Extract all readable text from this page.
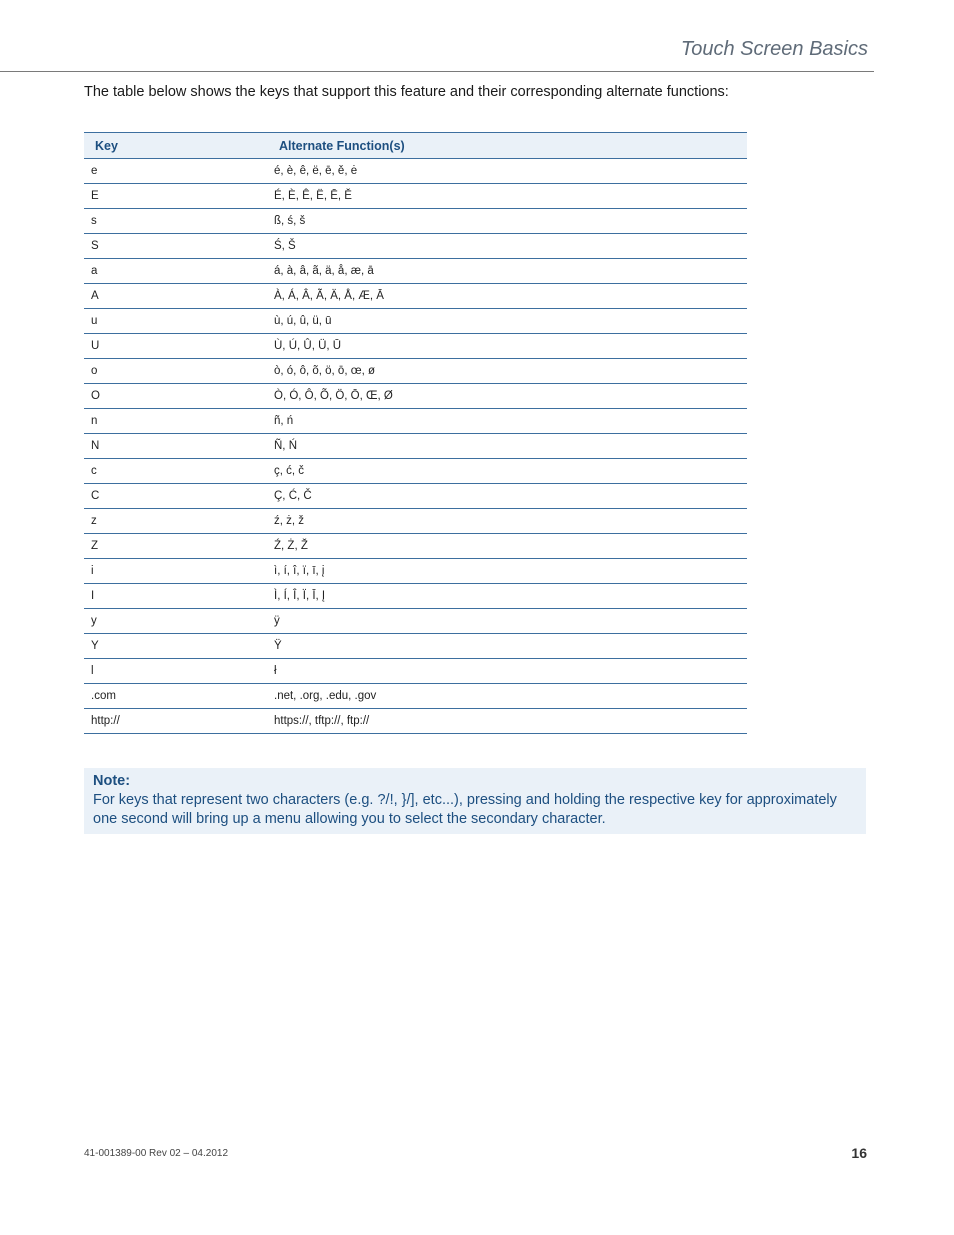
Touch Screen Basics
The table below shows the keys that support this feature and their corresponding alternate functions:
Key	Alternate Function(s)
e	é, è, ê, ë, ē, ě, ė
E	É, È, Ê, Ë, Ē, Ě
s	ß, ś, š
S	Ś, Š
a	á, à, â, ã, ä, å, æ, ā
A	À, Á, Â, Ã, Ä, Å, Æ, Ā
u	ù, ú, û, ü, ū
U	Ù, Ú, Û, Ü, Ū
o	ò, ó, ô, õ, ö, ō, œ, ø
O	Ò, Ó, Ô, Õ, Ö, Ō, Œ, Ø
n	ñ, ń
N	Ñ, Ń
c	ç, ć, č
C	Ç, Ć, Č
z	ź, ż, ž
Z	Ź, Ż, Ž
i	ì, í, î, ï, ī, į
I	Ì, Í, Î, Ï, Ī, Į
y	ÿ
Y	Ÿ
l	ł
.com	.net, .org, .edu, .gov
http://	https://, tftp://, ftp://
Note:
For keys that represent two characters (e.g. ?/!, }/], etc...), pressing and holding the respective key for approximately one second will bring up a menu allowing you to select the secondary character.
41-001389-00 Rev 02 – 04.2012	16
